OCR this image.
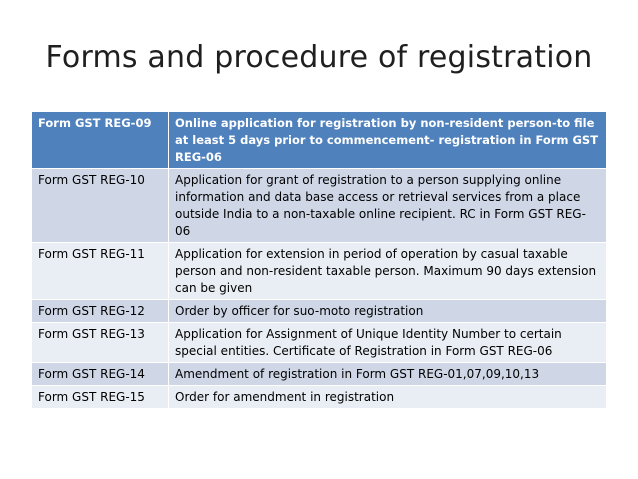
Forms and procedure of registration
Form GST REG-09	Online application for registration by non-resident person-to file at least 5 days prior to commencement- registration in Form GST REG-06
Form GST REG-10	Application for grant of registration to a person supplying online information and data base access or retrieval services from a place outside India to a non-taxable online recipient. RC in Form GST REG-06
Form GST REG-11	Application for extension in period of operation by casual taxable person and non-resident taxable person. Maximum 90 days extension can be given
Form GST REG-12	Order by officer for suo-moto registration
Form GST REG-13	Application for Assignment of Unique Identity Number to certain special entities. Certificate of Registration in Form GST REG-06
Form GST REG-14	Amendment of registration in Form GST REG-01,07,09,10,13
Form GST REG-15	Order for amendment in registration
